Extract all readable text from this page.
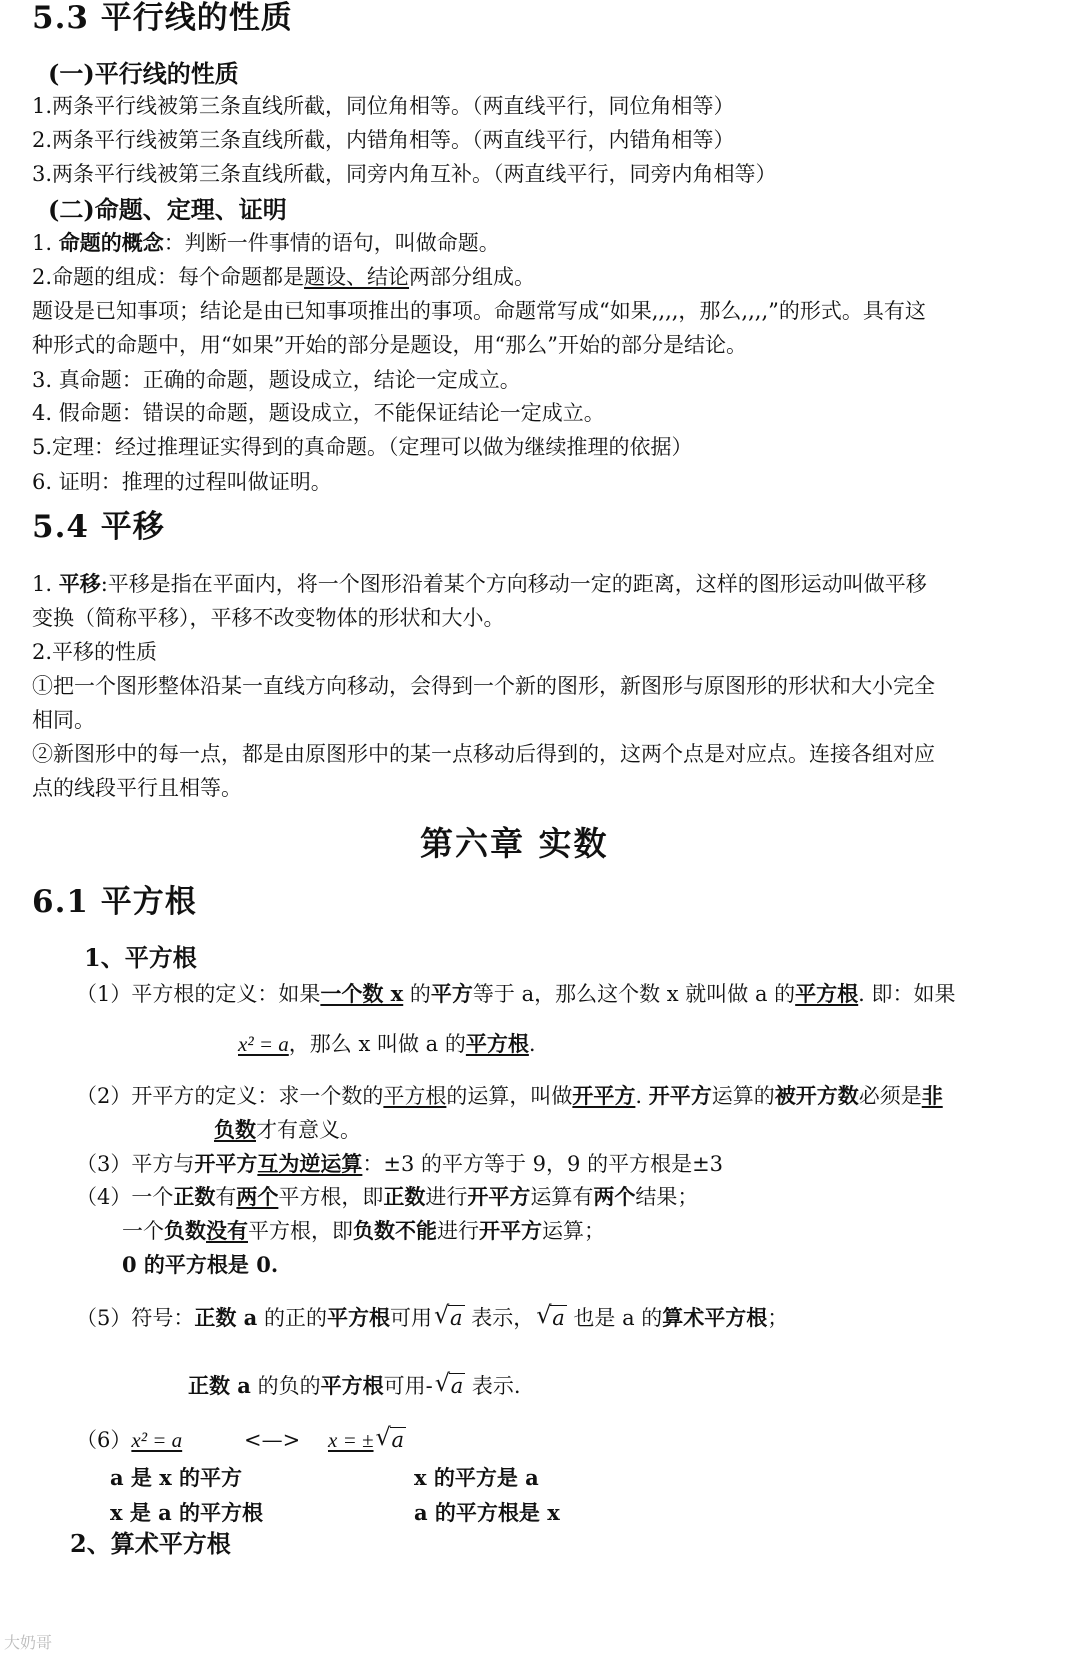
5.3 平行线的性质
(一)平行线的性质
1.两条平行线被第三条直线所截，同位角相等。（两直线平行，同位角相等）
2.两条平行线被第三条直线所截，内错角相等。（两直线平行，内错角相等）
3.两条平行线被第三条直线所截，同旁内角互补。（两直线平行，同旁内角相等）
(二)命题、定理、证明
1. 命题的概念：判断一件事情的语句，叫做命题。
2.命题的组成：每个命题都是题设、结论两部分组成。
题设是已知事项；结论是由已知事项推出的事项。命题常写成“如果,,,,，那么,,,,”的形式。具有这
种形式的命题中，用“如果”开始的部分是题设，用“那么”开始的部分是结论。
3. 真命题：正确的命题，题设成立，结论一定成立。
4. 假命题：错误的命题，题设成立，不能保证结论一定成立。
5.定理：经过推理证实得到的真命题。（定理可以做为继续推理的依据）
6. 证明：推理的过程叫做证明。
5.4 平移
1. 平移:平移是指在平面内，将一个图形沿着某个方向移动一定的距离，这样的图形运动叫做平移
变换（简称平移），平移不改变物体的形状和大小。
2.平移的性质
①把一个图形整体沿某一直线方向移动，会得到一个新的图形，新图形与原图形的形状和大小完全
相同。
②新图形中的每一点，都是由原图形中的某一点移动后得到的，这两个点是对应点。连接各组对应
点的线段平行且相等。
第六章 实数
6.1 平方根
1、平方根
（1）平方根的定义：如果一个数 x 的平方等于 a，那么这个数 x 就叫做 a 的平方根. 即：如果
x² = a，那么 x 叫做 a 的平方根.
（2）开平方的定义：求一个数的平方根的运算，叫做开平方. 开平方运算的被开方数必须是非
负数才有意义。
（3）平方与开平方互为逆运算：±3 的平方等于 9，9 的平方根是±3
（4）一个正数有两个平方根，即正数进行开平方运算有两个结果；
一个负数没有平方根，即负数不能进行开平方运算；
0 的平方根是 0.
（5）符号：正数 a 的正的平方根可用 √ a 表示， √ a 也是 a 的算术平方根；
正数 a 的负的平方根可用- √ a 表示.
（6）x² = a	<—> x = ± √ a
a 是 x 的平方	x 的平方是 a
x 是 a 的平方根	a 的平方根是 x
2、算术平方根
大奶哥
